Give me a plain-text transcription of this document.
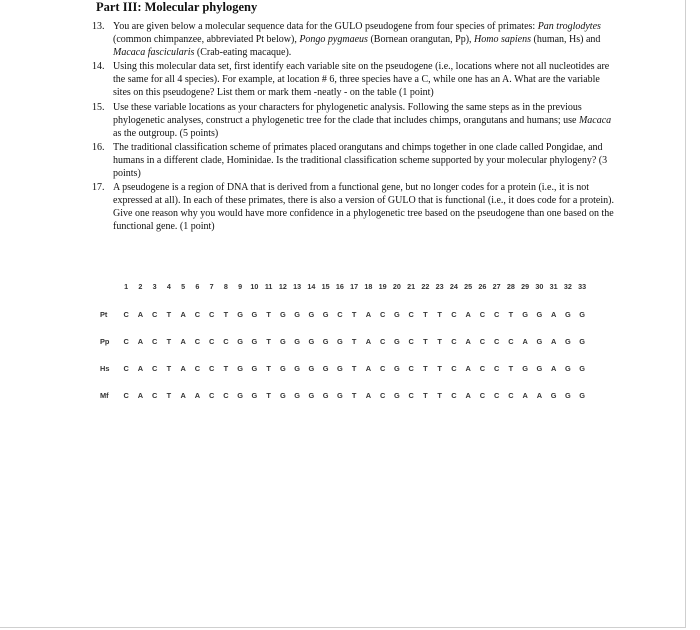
Part III: Molecular phylogeny
13. You are given below a molecular sequence data for the GULO pseudogene from four species of primates: Pan troglodytes (common chimpanzee, abbreviated Pt below), Pongo pygmaeus (Bornean orangutan, Pp), Homo sapiens (human, Hs) and Macaca fascicularis (Crab-eating macaque).
14. Using this molecular data set, first identify each variable site on the pseudogene (i.e., locations where not all nucleotides are the same for all 4 species). For example, at location # 6, three species have a C, while one has an A. What are the variable sites on this pseudogene? List them or mark them -neatly - on the table (1 point)
15. Use these variable locations as your characters for phylogenetic analysis. Following the same steps as in the previous phylogenetic analyses, construct a phylogenetic tree for the clade that includes chimps, orangutans and humans; use Macaca as the outgroup. (5 points)
16. The traditional classification scheme of primates placed orangutans and chimps together in one clade called Pongidae, and humans in a different clade, Hominidae. Is the traditional classification scheme supported by your molecular phylogeny? (3 points)
17. A pseudogene is a region of DNA that is derived from a functional gene, but no longer codes for a protein (i.e., it is not expressed at all). In each of these primates, there is also a version of GULO that is functional (i.e., it does code for a protein). Give one reason why you would have more confidence in a phylogenetic tree based on the pseudogene than one based on the functional gene. (1 point)
1	2	3	4	5	6	7	8	9	10 11 12 13 14 15 16 17 18 19 20 21 22 23 24 25 26 27 28 29 30 31 32 33
Pt	C	A	C	T	A	C	C	T	G	G	T	G	G	G	G	C	T	A	C	G	C	T	T	C	A	C	C	T	G	G	A	G	G
Pp	C	A	C	T	A	C	C	C	G	G	T	G	G	G	G	G	T	A	C	G	C	T	T	C	A	C	C	C	A	G	A	G	G
Hs	C	A	C	T	A	C	C	T	G	G	T	G	G	G	G	G	T	A	C	G	C	T	T	C	A	C	C	T	G	G	A	G	G
Mf	C	A	C	T	A	A	C	C	G	G	T	G	G	G	G	G	T	A	C	G	C	T	T	C	A	C	C	C	A	A	G	G	G
